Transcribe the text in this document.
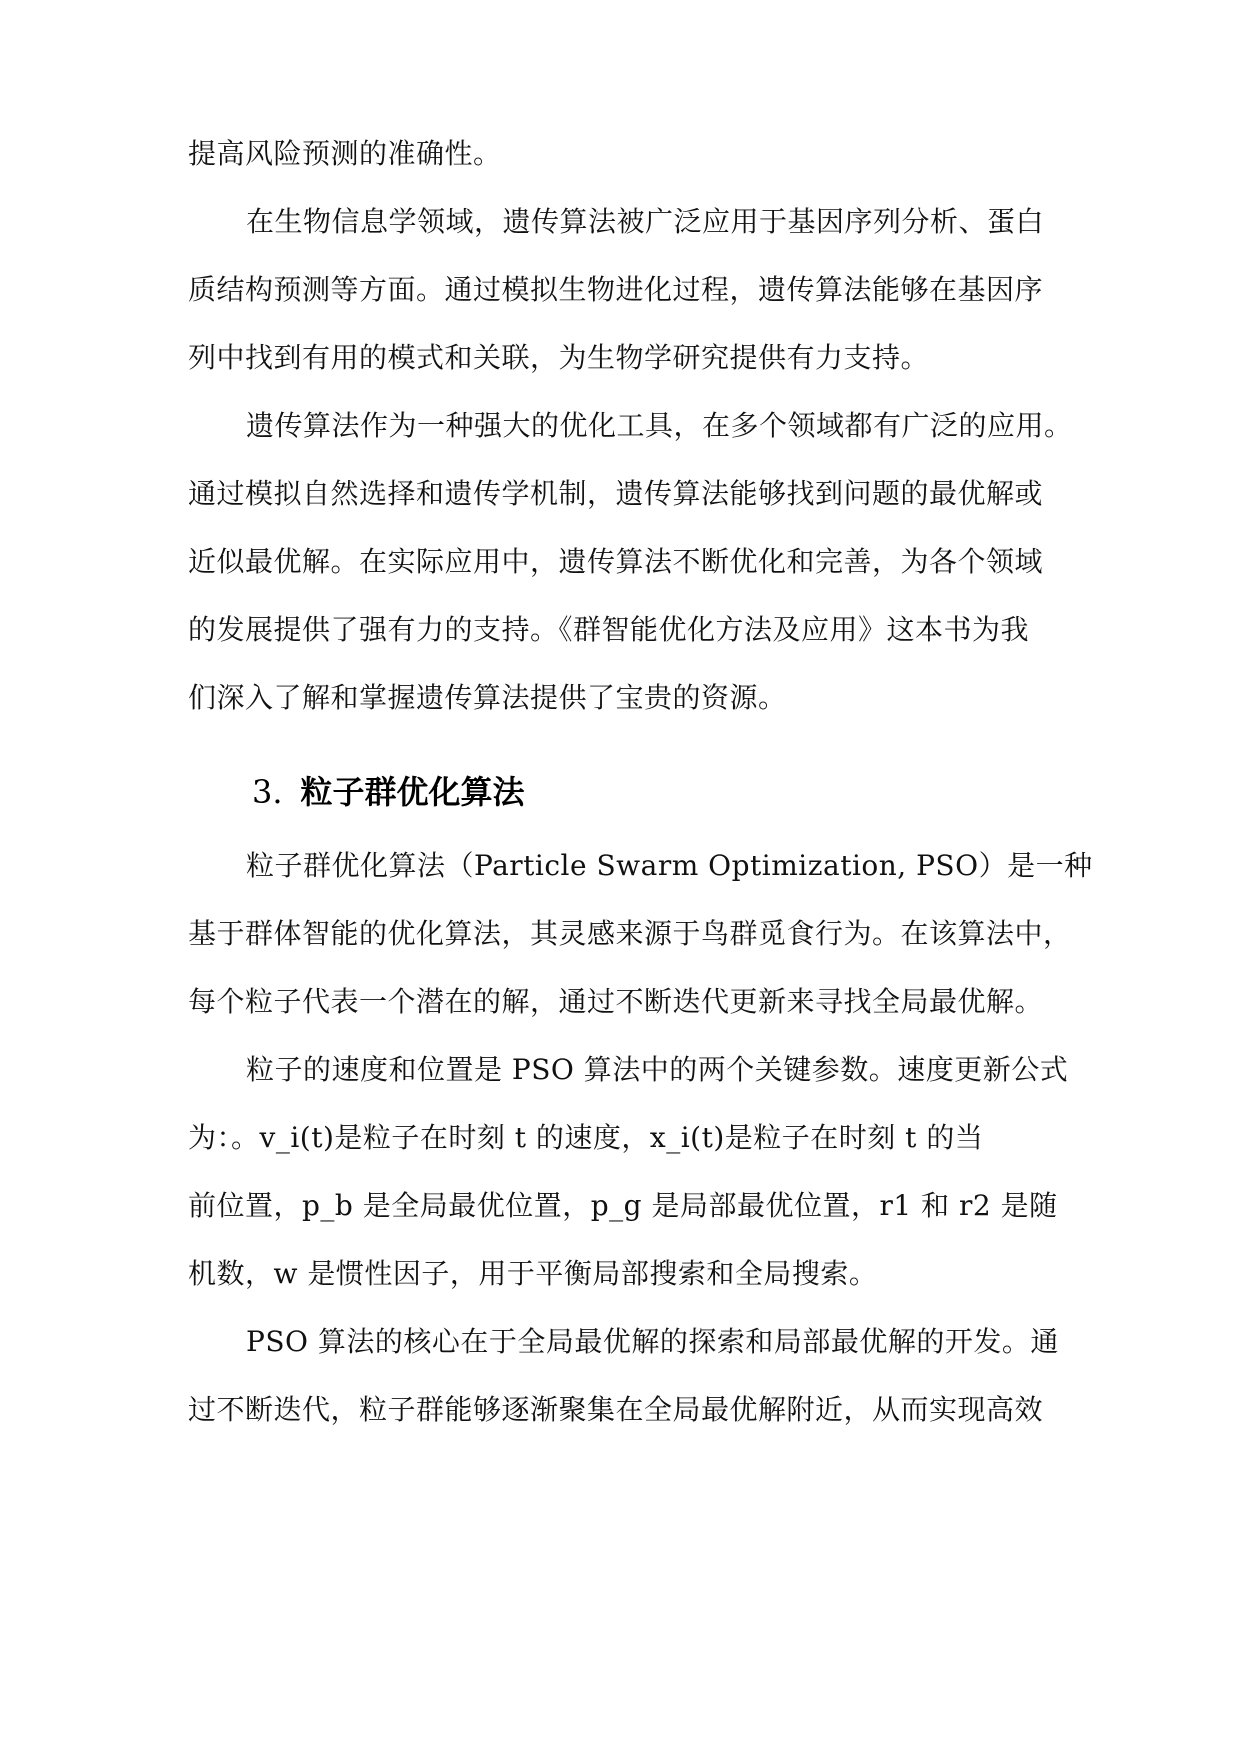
提高风险预测的准确性。
在生物信息学领域，遗传算法被广泛应用于基因序列分析、蛋白
质结构预测等方面。通过模拟生物进化过程，遗传算法能够在基因序
列中找到有用的模式和关联，为生物学研究提供有力支持。
遗传算法作为一种强大的优化工具，在多个领域都有广泛的应用。
通过模拟自然选择和遗传学机制，遗传算法能够找到问题的最优解或
近似最优解。在实际应用中，遗传算法不断优化和完善，为各个领域
的发展提供了强有力的支持。《群智能优化方法及应用》这本书为我
们深入了解和掌握遗传算法提供了宝贵的资源。
3. 粒子群优化算法
粒子群优化算法（Particle Swarm Optimization, PSO）是一种
基于群体智能的优化算法，其灵感来源于鸟群觅食行为。在该算法中，
每个粒子代表一个潜在的解，通过不断迭代更新来寻找全局最优解。
粒子的速度和位置是 PSO 算法中的两个关键参数。速度更新公式
为：。v_i(t)是粒子在时刻 t 的速度，x_i(t)是粒子在时刻 t 的当
前位置，p_b 是全局最优位置，p_g 是局部最优位置，r1 和 r2 是随
机数，w 是惯性因子，用于平衡局部搜索和全局搜索。
PSO 算法的核心在于全局最优解的探索和局部最优解的开发。通
过不断迭代，粒子群能够逐渐聚集在全局最优解附近，从而实现高效
